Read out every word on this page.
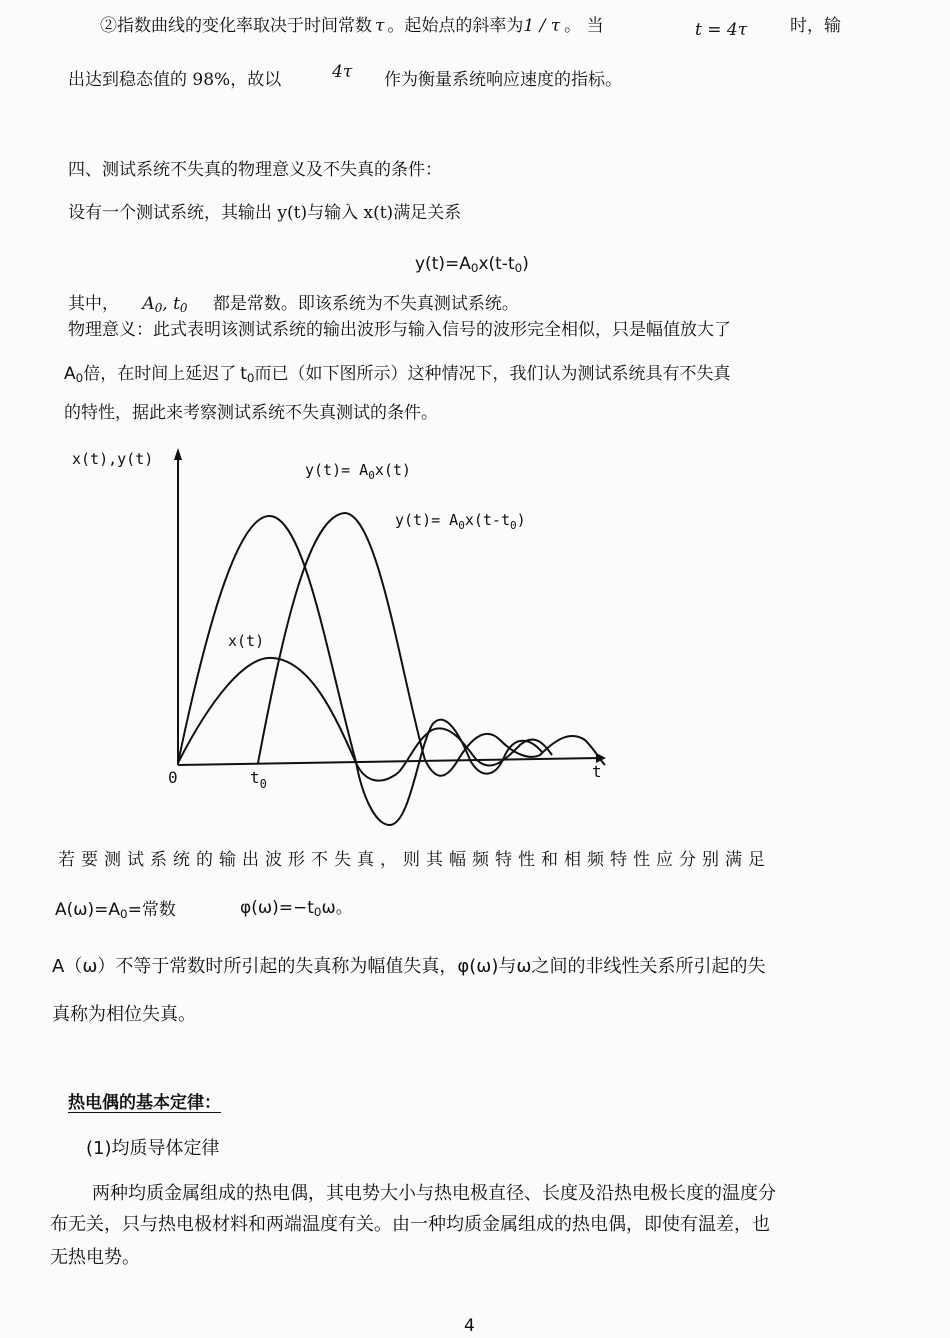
②指数曲线的变化率取决于时间常数 τ 。起始点的斜率为1 / τ 。 当	t = 4τ	时，输
出达到稳态值的 98%，故以	4τ 作为衡量系统响应速度的指标。
四、测试系统不失真的物理意义及不失真的条件：
设有一个测试系统，其输出 y(t)与输入 x(t)满足关系
$y(t)=A_0x(t-t_0)$
其中， $A_0$, $t_0$ 都是常数。即该系统为不失真测试系统。
物理意义：此式表明该测试系统的输出波形与输入信号的波形完全相似，只是幅值放大了
$A_0$倍，在时间上延迟了 $t_0$而已（如下图所示）这种情况下，我们认为测试系统具有不失真
的特性，据此来考察测试系统不失真测试的条件。
x(t),y(t)
$y(t)= A_0x(t)$
$y(t)= A_0x(t-t_0)$
x(t)
0	$t_0$
t
若要测试系统的输出波形不失真，则其幅频特性和相频特性应分别满足
$A(\omega)=A_0=$常数	$\varphi(\omega)=-t_0\omega$。
A（ω）不等于常数时所引起的失真称为幅值失真，φ(ω)与ω之间的非线性关系所引起的失
真称为相位失真。
热电偶的基本定律：
(1)均质导体定律
两种均质金属组成的热电偶，其电势大小与热电极直径、长度及沿热电极长度的温度分
布无关，只与热电极材料和两端温度有关。由一种均质金属组成的热电偶，即使有温差，也
无热电势。
4
